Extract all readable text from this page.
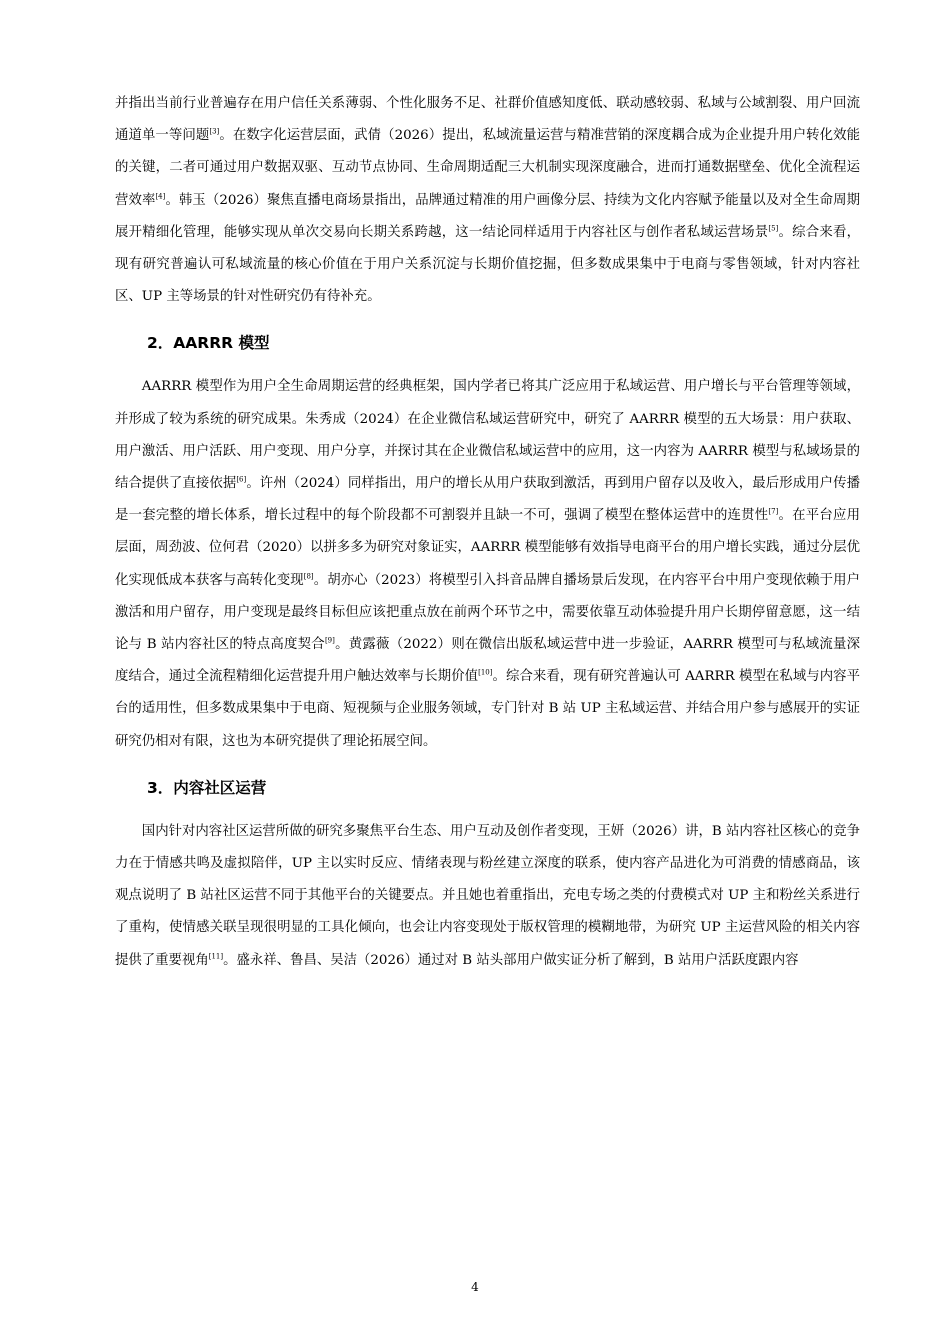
并指出当前行业普遍存在用户信任关系薄弱、个性化服务不足、社群价值感知度低、联动感较弱、私域与公域割裂、用户回流通道单一等问题[3]。在数字化运营层面，武倩（2026）提出，私域流量运营与精准营销的深度耦合成为企业提升用户转化效能的关键，二者可通过用户数据双驱、互动节点协同、生命周期适配三大机制实现深度融合，进而打通数据壁垒、优化全流程运营效率[4]。韩玉（2026）聚焦直播电商场景指出，品牌通过精准的用户画像分层、持续为文化内容赋予能量以及对全生命周期展开精细化管理，能够实现从单次交易向长期关系跨越，这一结论同样适用于内容社区与创作者私域运营场景[5]。综合来看，现有研究普遍认可私域流量的核心价值在于用户关系沉淀与长期价值挖掘，但多数成果集中于电商与零售领域，针对内容社区、UP 主等场景的针对性研究仍有待补充。

2．AARRR 模型

AARRR 模型作为用户全生命周期运营的经典框架，国内学者已将其广泛应用于私域运营、用户增长与平台管理等领域，并形成了较为系统的研究成果。朱秀成（2024）在企业微信私域运营研究中，研究了 AARRR 模型的五大场景：用户获取、用户激活、用户活跃、用户变现、用户分享，并探讨其在企业微信私域运营中的应用，这一内容为 AARRR 模型与私域场景的结合提供了直接依据[6]。许州（2024）同样指出，用户的增长从用户获取到激活，再到用户留存以及收入，最后形成用户传播是一套完整的增长体系，增长过程中的每个阶段都不可割裂并且缺一不可，强调了模型在整体运营中的连贯性[7]。在平台应用层面，周劲波、位何君（2020）以拼多多为研究对象证实，AARRR 模型能够有效指导电商平台的用户增长实践，通过分层优化实现低成本获客与高转化变现[8]。胡亦心（2023）将模型引入抖音品牌自播场景后发现，在内容平台中用户变现依赖于用户激活和用户留存，用户变现是最终目标但应该把重点放在前两个环节之中，需要依靠互动体验提升用户长期停留意愿，这一结论与 B 站内容社区的特点高度契合[9]。黄露薇（2022）则在微信出版私域运营中进一步验证，AARRR 模型可与私域流量深度结合，通过全流程精细化运营提升用户触达效率与长期价值[10]。综合来看，现有研究普遍认可 AARRR 模型在私域与内容平台的适用性，但多数成果集中于电商、短视频与企业服务领域，专门针对 B 站 UP 主私域运营、并结合用户参与感展开的实证研究仍相对有限，这也为本研究提供了理论拓展空间。

3．内容社区运营

国内针对内容社区运营所做的研究多聚焦平台生态、用户互动及创作者变现，王妍（2026）讲，B 站内容社区核心的竞争力在于情感共鸣及虚拟陪伴，UP 主以实时反应、情绪表现与粉丝建立深度的联系，使内容产品进化为可消费的情感商品，该观点说明了 B 站社区运营不同于其他平台的关键要点。并且她也着重指出，充电专场之类的付费模式对 UP 主和粉丝关系进行了重构，使情感关联呈现很明显的工具化倾向，也会让内容变现处于版权管理的模糊地带，为研究 UP 主运营风险的相关内容提供了重要视角[11]。盛永祥、鲁昌、吴洁（2026）通过对 B 站头部用户做实证分析了解到，B 站用户活跃度跟内容

4
